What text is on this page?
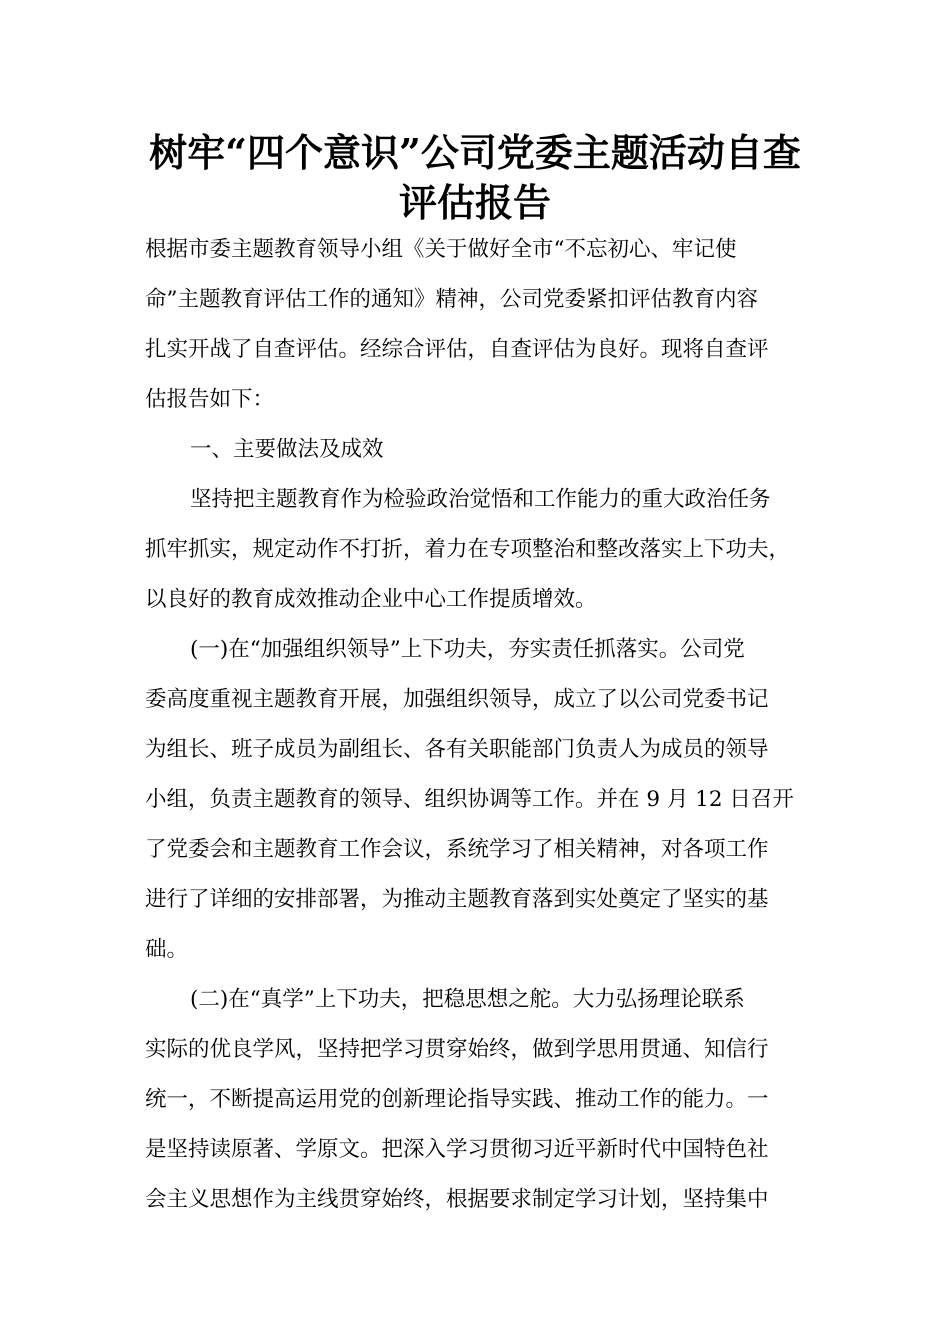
树牢“四个意识”公司党委主题活动自查
评估报告

根据市委主题教育领导小组《关于做好全市“不忘初心、牢记使

命”主题教育评估工作的通知》精神，公司党委紧扣评估教育内容

扎实开战了自查评估。经综合评估，自查评估为良好。现将自查评

估报告如下：

一、主要做法及成效

坚持把主题教育作为检验政治觉悟和工作能力的重大政治任务

抓牢抓实，规定动作不打折，着力在专项整治和整改落实上下功夫，

以良好的教育成效推动企业中心工作提质增效。

(一)在“加强组织领导”上下功夫，夯实责任抓落实。公司党

委高度重视主题教育开展，加强组织领导，成立了以公司党委书记

为组长、班子成员为副组长、各有关职能部门负责人为成员的领导

小组，负责主题教育的领导、组织协调等工作。并在 9 月 12 日召开

了党委会和主题教育工作会议，系统学习了相关精神，对各项工作

进行了详细的安排部署，为推动主题教育落到实处奠定了坚实的基

础。

(二)在“真学”上下功夫，把稳思想之舵。大力弘扬理论联系

实际的优良学风，坚持把学习贯穿始终，做到学思用贯通、知信行

统一，不断提高运用党的创新理论指导实践、推动工作的能力。一

是坚持读原著、学原文。把深入学习贯彻习近平新时代中国特色社

会主义思想作为主线贯穿始终，根据要求制定学习计划，坚持集中
